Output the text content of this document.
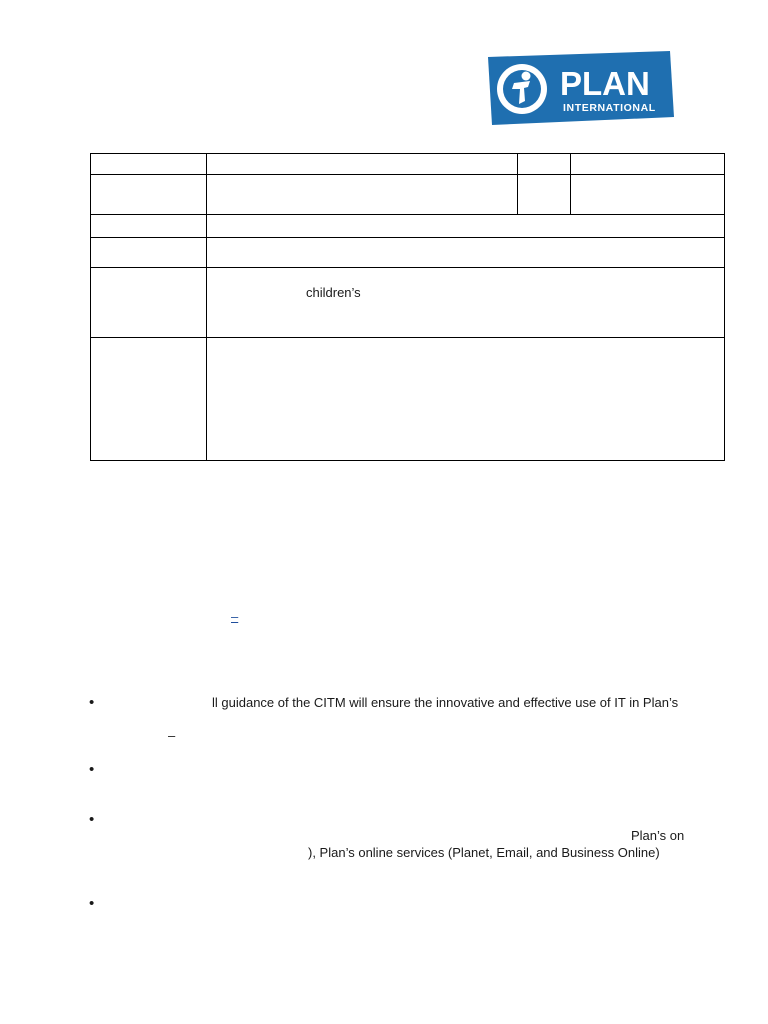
PLAN
INTERNATIONAL

children’s
–
•	ll guidance of the CITM will ensure the innovative and effective use of IT in Plan’s
–
•
•
Plan’s on
), Plan’s online services (Planet, Email, and Business Online)
•
